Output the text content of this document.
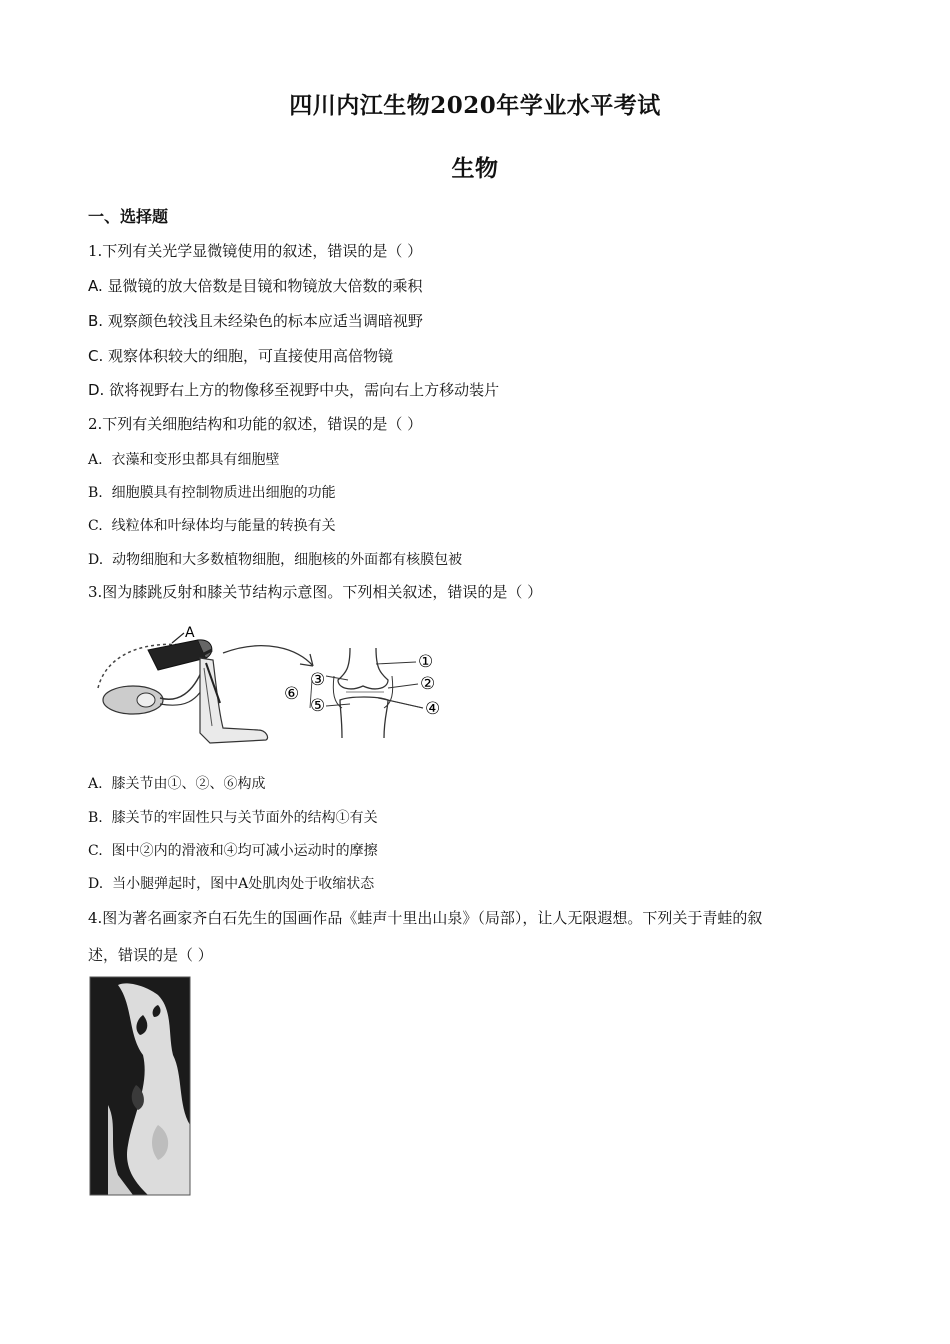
四川内江生物2020年学业水平考试
生物
一、选择题
1.下列有关光学显微镜使用的叙述，错误的是（ ）
A. 显微镜的放大倍数是目镜和物镜放大倍数的乘积
B. 观察颜色较浅且未经染色的标本应适当调暗视野
C. 观察体积较大的细胞，可直接使用高倍物镜
D. 欲将视野右上方的物像移至视野中央，需向右上方移动装片
2.下列有关细胞结构和功能的叙述，错误的是（ ）
A. 衣藻和变形虫都具有细胞壁
B. 细胞膜具有控制物质进出细胞的功能
C. 线粒体和叶绿体均与能量的转换有关
D. 动物细胞和大多数植物细胞，细胞核的外面都有核膜包被
3.图为膝跳反射和膝关节结构示意图。下列相关叙述，错误的是（ ）
A
①
②
③
④
⑤
⑥
A. 膝关节由①、②、⑥构成
B. 膝关节的牢固性只与关节面外的结构①有关
C. 图中②内的滑液和④均可减小运动时的摩擦
D. 当小腿弹起时，图中A处肌肉处于收缩状态
4.图为著名画家齐白石先生的国画作品《蛙声十里出山泉》（局部），让人无限遐想。下列关于青蛙的叙
述，错误的是（ ）
